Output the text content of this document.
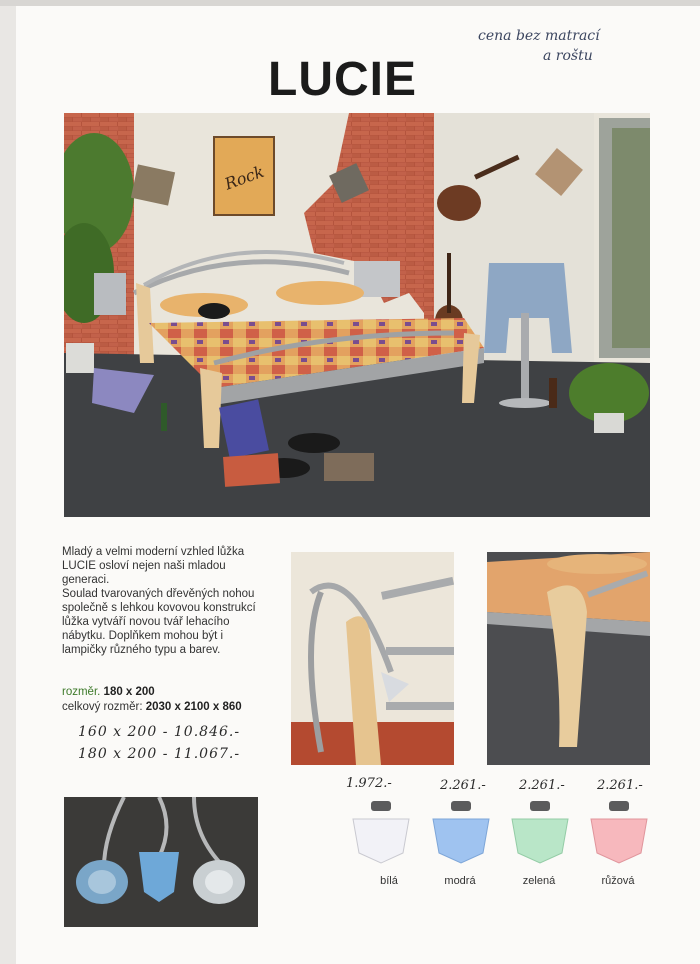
cena bez matrací
a roštu
LUCIE
Rock

Mladý a velmi moderní vzhled lůžka LUCIE osloví nejen naši mladou generaci.

Soulad tvarovaných dřevěných nohou společně s lehkou kovovou konstrukcí lůžka vytváří novou tvář lehacího nábytku. Doplňkem mohou být i lampičky různého typu a barev.

rozměr. 180 x 200
celkový rozměr: 2030 x 2100 x 860
160 x 200 - 10.846.-
180 x 200 - 11.067.-
1.972.-	2.261.-	2.261.- 2.261.-
bílá	modrá	zelená	růžová
